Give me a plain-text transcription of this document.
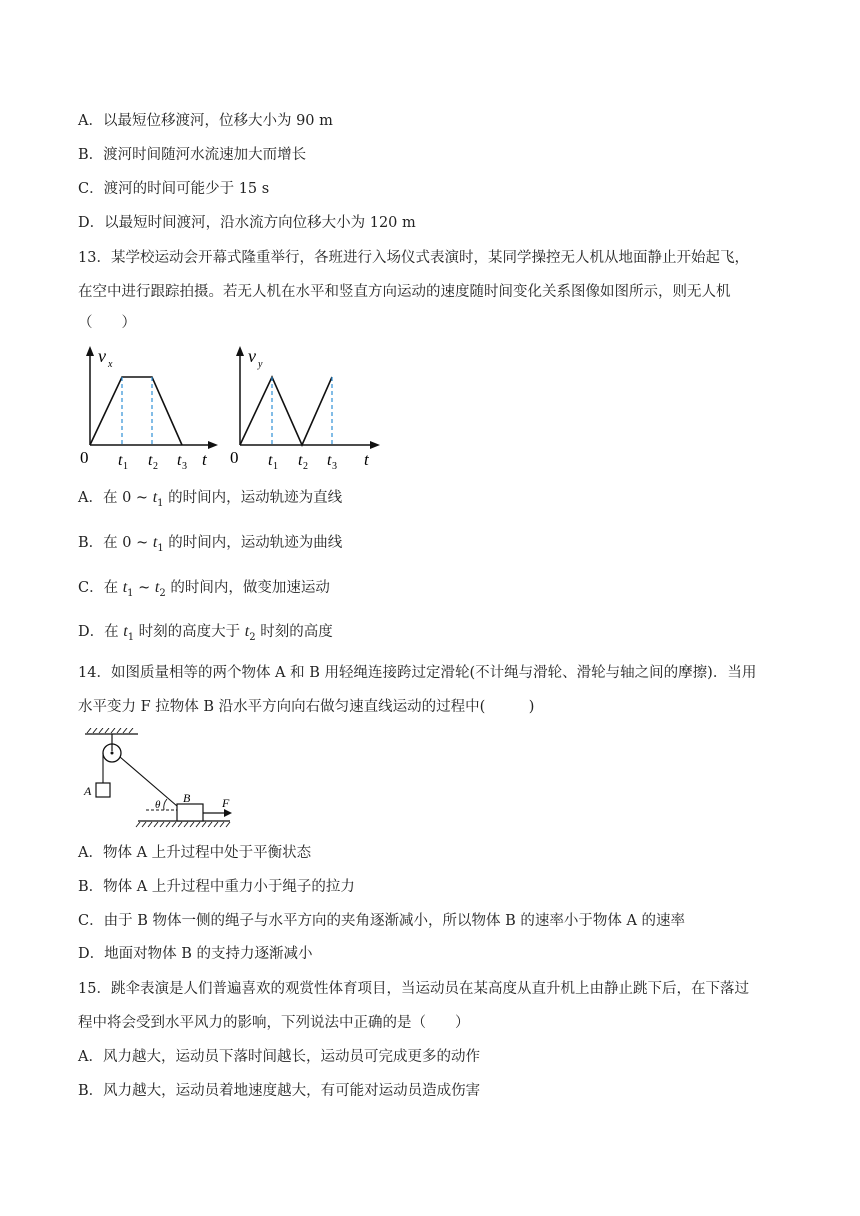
A．以最短位移渡河，位移大小为 90 m
B．渡河时间随河水流速加大而增长
C．渡河的时间可能少于 15 s
D．以最短时间渡河，沿水流方向位移大小为 120 m
13．某学校运动会开幕式隆重举行，各班进行入场仪式表演时，某同学操控无人机从地面静止开始起飞，
在空中进行跟踪拍摄。若无人机在水平和竖直方向运动的速度随时间变化关系图像如图所示，则无人机
（　　）
v x
0 t 1 t 2 t 3 t
v y
0 t 1 t 2 t 3 t
A．在 0 ~ $t_1$ 的时间内，运动轨迹为直线
B．在 0 ~ $t_1$ 的时间内，运动轨迹为曲线
C．在 $t_1$ ~ $t_2$ 的时间内，做变加速运动
D．在 $t_1$ 时刻的高度大于 $t_2$ 时刻的高度
14．如图质量相等的两个物体 A 和 B 用轻绳连接跨过定滑轮(不计绳与滑轮、滑轮与轴之间的摩擦)．当用
水平变力 F 拉物体 B 沿水平方向向右做匀速直线运动的过程中(　　　)
A	B
θ	F
A．物体 A 上升过程中处于平衡状态
B．物体 A 上升过程中重力小于绳子的拉力
C．由于 B 物体一侧的绳子与水平方向的夹角逐渐减小，所以物体 B 的速率小于物体 A 的速率
D．地面对物体 B 的支持力逐渐减小
15．跳伞表演是人们普遍喜欢的观赏性体育项目，当运动员在某高度从直升机上由静止跳下后，在下落过
程中将会受到水平风力的影响，下列说法中正确的是（　　）
A．风力越大，运动员下落时间越长，运动员可完成更多的动作
B．风力越大，运动员着地速度越大，有可能对运动员造成伤害
